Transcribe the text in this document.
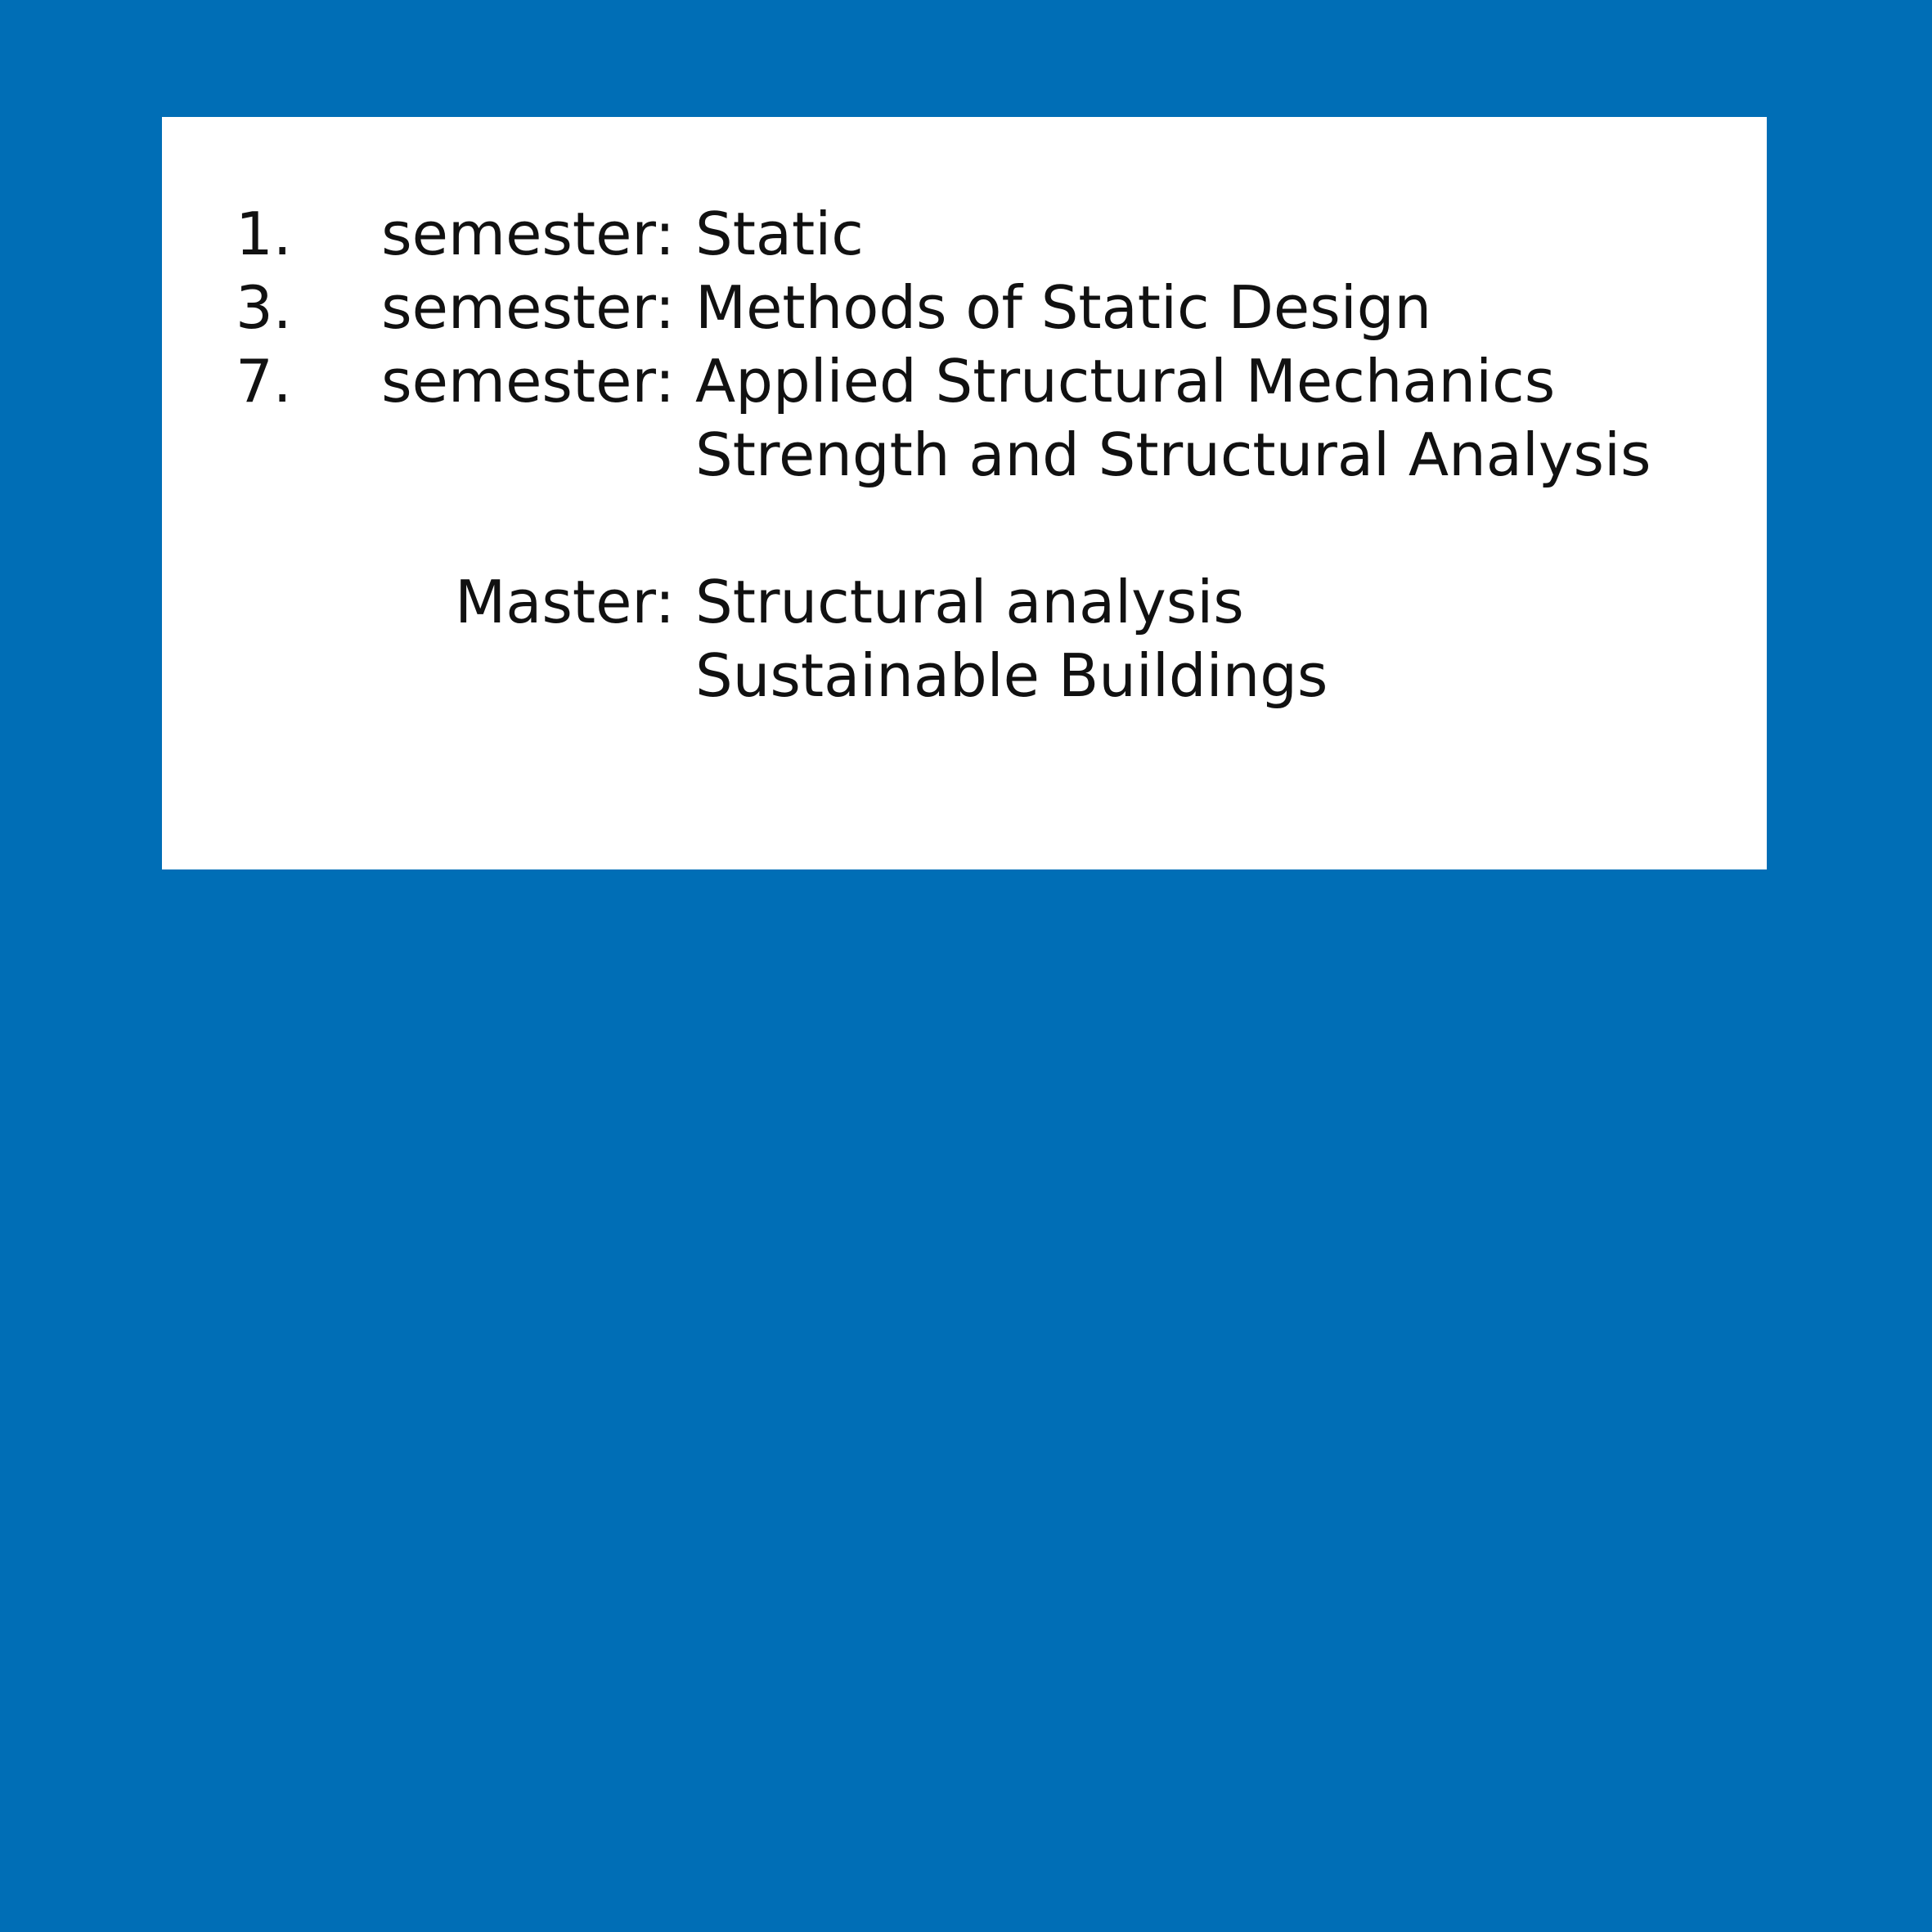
1.	semester: Static
3.	semester: Methods of Static Design
7.	semester: Applied Structural Mechanics
Strength and Structural Analysis
Master: Structural analysis
Sustainable Buildings
